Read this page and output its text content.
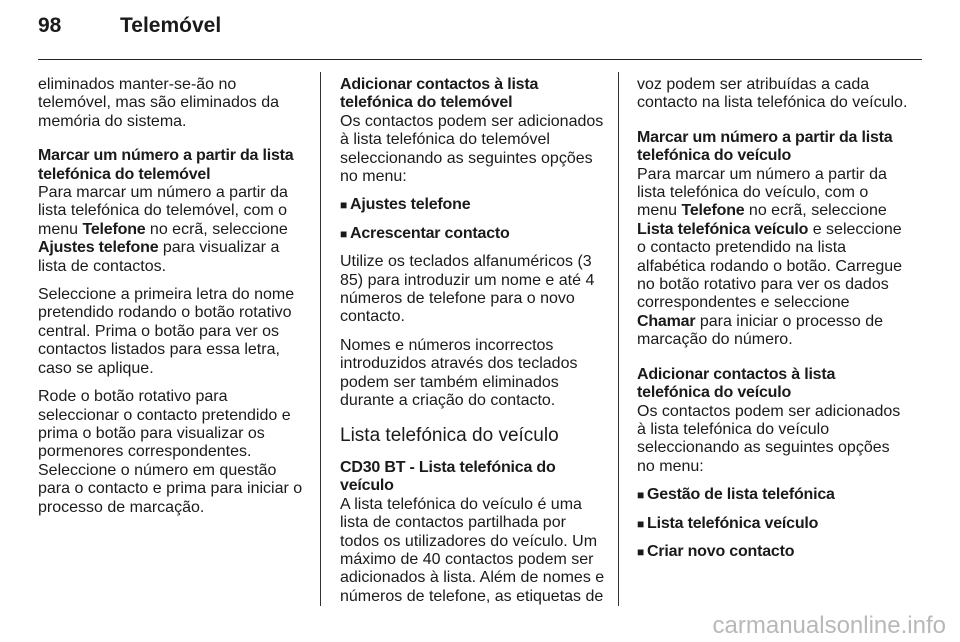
98	Telemóvel

eliminados manter-se-ão no telemóvel, mas são eliminados da memória do sistema.

Marcar um número a partir da lista telefónica do telemóvel

Para marcar um número a partir da lista telefónica do telemóvel, com o menu Telefone no ecrã, seleccione Ajustes telefone para visualizar a lista de contactos.

Seleccione a primeira letra do nome pretendido rodando o botão rotativo central. Prima o botão para ver os contactos listados para essa letra, caso se aplique.

Rode o botão rotativo para seleccionar o contacto pretendido e prima o botão para visualizar os pormenores correspondentes. Seleccione o número em questão para o contacto e prima para iniciar o processo de marcação.

Adicionar contactos à lista telefónica do telemóvel

Os contactos podem ser adicionados à lista telefónica do telemóvel seleccionando as seguintes opções no menu:

■ Ajustes telefone
■ Acrescentar contacto

Utilize os teclados alfanuméricos (3 85) para introduzir um nome e até 4 números de telefone para o novo contacto.

Nomes e números incorrectos introduzidos através dos teclados podem ser também eliminados durante a criação do contacto.

Lista telefónica do veículo
CD30 BT - Lista telefónica do veículo

A lista telefónica do veículo é uma lista de contactos partilhada por todos os utilizadores do veículo. Um máximo de 40 contactos podem ser adicionados à lista. Além de nomes e números de telefone, as etiquetas de

voz podem ser atribuídas a cada contacto na lista telefónica do veículo.

Marcar um número a partir da lista telefónica do veículo

Para marcar um número a partir da lista telefónica do veículo, com o menu Telefone no ecrã, seleccione Lista telefónica veículo e seleccione o contacto pretendido na lista alfabética rodando o botão. Carregue no botão rotativo para ver os dados correspondentes e seleccione Chamar para iniciar o processo de marcação do número.

Adicionar contactos à lista telefónica do veículo

Os contactos podem ser adicionados à lista telefónica do veículo seleccionando as seguintes opções no menu:

■ Gestão de lista telefónica
■ Lista telefónica veículo
■ Criar novo contacto
carmanualsonline.info
